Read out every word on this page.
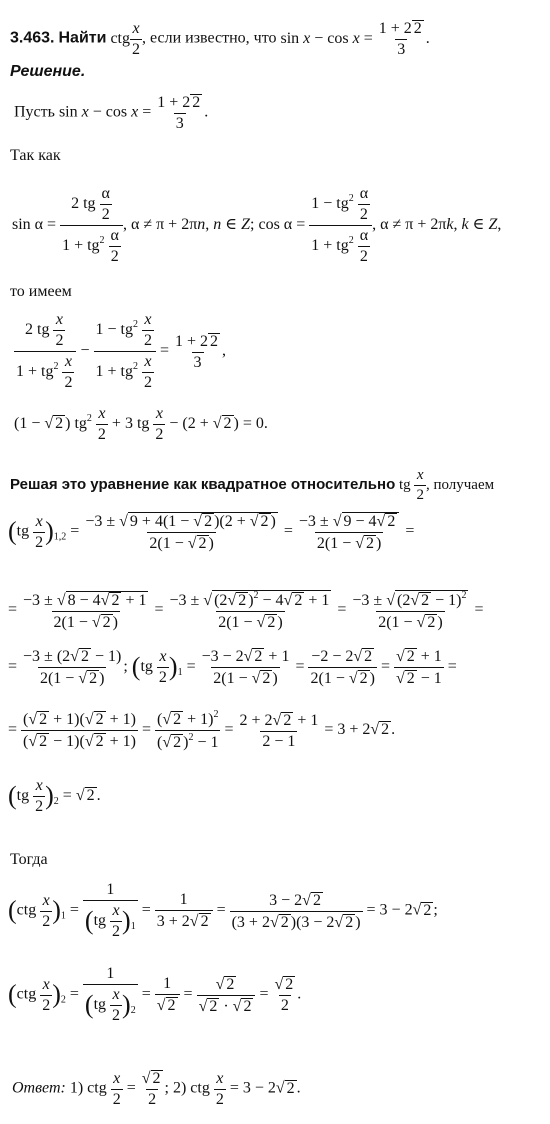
3.463. Найти ctg $\frac{x}{2}$ , если известно, что $\sin x - \cos x = \frac{1 + 2 2}{3}$ .
Решение.
Пусть $\sin x - \cos x = \frac{1 + 2 2}{3}$ .
Так как
$\sin \alpha = \frac{2 tg \frac{\alpha}{2}}{1 + tg^2 \frac{\alpha}{2}}$ , α ≠ π + 2πn, n ∈ Z; $\cos \alpha = \frac{1 - tg^2 \frac{\alpha}{2}}{1 + tg^2 \frac{\alpha}{2}}$ , α ≠ π + 2πk, k ∈ Z,
то имеем
$\frac{2 tg \frac{x}{2}}{1 + tg^2 \frac{x}{2}} - \frac{1 - tg^2 \frac{x}{2}}{1 + tg^2 \frac{x}{2}} = \frac{1 + 2 2}{3}$ ,
(1 − √ 2 ) $tg^2 \frac{x}{2} + 3$ tg $\frac{x}{2} - (2$ + √ 2 ) = 0.
Решая это уравнение как квадратное относительно tg $\frac{x}{2}$ , получаем
$(tg \frac{x}{2} )_{1,2} = \frac{-3 \pm √ 9 + 4(1 - √ 2 )(2 + √ 2 )}{2(1 - √ 2 )} = \frac{-3 \pm √ 9 - 4√ 2}{2(1 - √ 2 )}$ =
= $\frac{-3 \pm √ 8 - 4√ 2 + 1}{2(1 - √ 2 )} = \frac{-3 \pm √ (2√ 2 )^2 - 4√ 2 + 1}{2(1 - √ 2 )} = \frac{-3 \pm √ (2√ 2 - 1)^2}{2(1 - √ 2 )}$ =
= $\frac{-3 \pm (2√ 2 - 1)}{2(1 - √ 2 )}$ ; $(tg \frac{x}{2} )_1 = \frac{-3 - 2√ 2 + 1}{2(1 - √ 2 )} = \frac{-2 - 2√ 2}{2(1 - √ 2 )} = \frac{√ 2 + 1}{√ 2 - 1}$ =
= $\frac{(√ 2 + 1)(√ 2 + 1)}{(√ 2 - 1)(√ 2 + 1)} = \frac{(√ 2 + 1)^2}{(√ 2 )^2 - 1} = \frac{2 + 2√ 2 + 1}{2 - 1} = 3 + 2√$ 2 .
$(tg \frac{x}{2} )_2$ = √ 2 .
Тогда
$(ctg \frac{x}{2} )_1 = \frac{1}{(tg \frac{x}{2} )_1} = \frac{1}{3 + 2√ 2} = \frac{3 - 2√ 2}{(3 + 2√ 2 )(3 - 2√ 2 )} = 3 - 2√$ 2 ;
$(ctg \frac{x}{2} )_2 = \frac{1}{(tg \frac{x}{2} )_2} = \frac{1}{√ 2} = \frac{√ 2}{√ 2 \cdot √ 2} = \frac{√ 2}{2}$ .
Ответ: 1) ctg $\frac{x}{2} = \frac{√ 2}{2}$ ; 2) ctg $\frac{x}{2} = 3 - 2√$ 2 .
